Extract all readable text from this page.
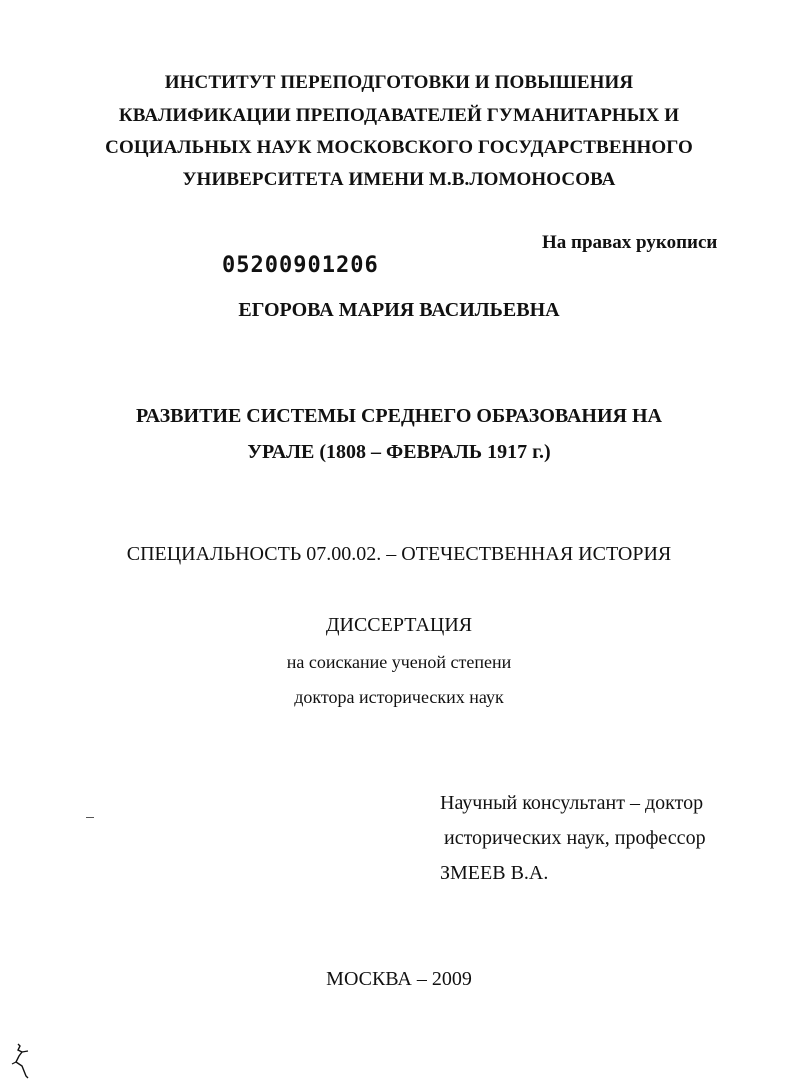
ИНСТИТУТ ПЕРЕПОДГОТОВКИ И ПОВЫШЕНИЯ
КВАЛИФИКАЦИИ ПРЕПОДАВАТЕЛЕЙ ГУМАНИТАРНЫХ И
СОЦИАЛЬНЫХ НАУК МОСКОВСКОГО ГОСУДАРСТВЕННОГО
УНИВЕРСИТЕТА ИМЕНИ М.В.ЛОМОНОСОВА
На правах рукописи
05200901206
ЕГОРОВА МАРИЯ ВАСИЛЬЕВНА
РАЗВИТИЕ СИСТЕМЫ СРЕДНЕГО ОБРАЗОВАНИЯ НА
УРАЛЕ (1808 – ФЕВРАЛЬ 1917 г.)
СПЕЦИАЛЬНОСТЬ 07.00.02. – ОТЕЧЕСТВЕННАЯ ИСТОРИЯ
ДИССЕРТАЦИЯ
на соискание ученой степени
доктора исторических наук
Научный консультант – доктор
исторических наук, профессор
ЗМЕЕВ В.А.
МОСКВА – 2009
